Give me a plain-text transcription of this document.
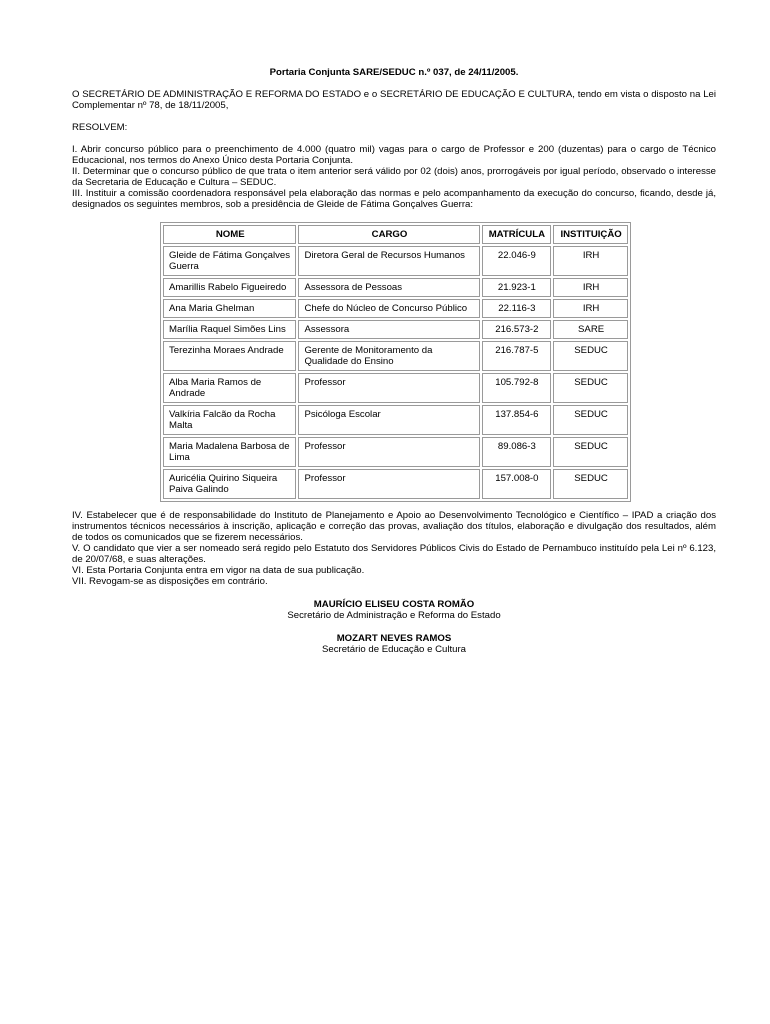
Portaria Conjunta SARE/SEDUC n.º 037, de 24/11/2005.

O SECRETÁRIO DE ADMINISTRAÇÃO E REFORMA DO ESTADO e o SECRETÁRIO DE EDUCAÇÃO E CULTURA, tendo em vista o disposto na Lei Complementar nº 78, de 18/11/2005,

RESOLVEM:

I. Abrir concurso público para o preenchimento de 4.000 (quatro mil) vagas para o cargo de Professor e 200 (duzentas) para o cargo de Técnico Educacional, nos termos do Anexo Único desta Portaria Conjunta.

II. Determinar que o concurso público de que trata o item anterior será válido por 02 (dois) anos, prorrogáveis por igual período, observado o interesse da Secretaria de Educação e Cultura – SEDUC.

III. Instituir a comissão coordenadora responsável pela elaboração das normas e pelo acompanhamento da execução do concurso, ficando, desde já, designados os seguintes membros, sob a presidência de Gleide de Fátima Gonçalves Guerra:

NOME	CARGO	MATRÍCULA	INSTITUIÇÃO
Gleide de Fátima Gonçalves Guerra	Diretora Geral de Recursos Humanos	22.046-9	IRH
Amarillis Rabelo Figueiredo	Assessora de Pessoas	21.923-1	IRH
Ana Maria Ghelman	Chefe do Núcleo de Concurso Público	22.116-3	IRH
Marília Raquel Simões Lins	Assessora	216.573-2	SARE
Terezinha Moraes Andrade	Gerente de Monitoramento da Qualidade do Ensino	216.787-5	SEDUC
Alba Maria Ramos de Andrade	Professor	105.792-8	SEDUC
Valkíria Falcão da Rocha Malta	Psicóloga Escolar	137.854-6	SEDUC
Maria Madalena Barbosa de Lima	Professor	89.086-3	SEDUC
Auricélia Quirino Siqueira Paiva Galindo	Professor	157.008-0	SEDUC

IV. Estabelecer que é de responsabilidade do Instituto de Planejamento e Apoio ao Desenvolvimento Tecnológico e Científico – IPAD a criação dos instrumentos técnicos necessários à inscrição, aplicação e correção das provas, avaliação dos títulos, elaboração e divulgação dos resultados, além de todos os comunicados que se fizerem necessários.

V. O candidato que vier a ser nomeado será regido pelo Estatuto dos Servidores Públicos Civis do Estado de Pernambuco instituído pela Lei nº 6.123, de 20/07/68, e suas alterações.

VI. Esta Portaria Conjunta entra em vigor na data de sua publicação.

VII. Revogam-se as disposições em contrário.

MAURÍCIO ELISEU COSTA ROMÃO
Secretário de Administração e Reforma do Estado
MOZART NEVES RAMOS
Secretário de Educação e Cultura
